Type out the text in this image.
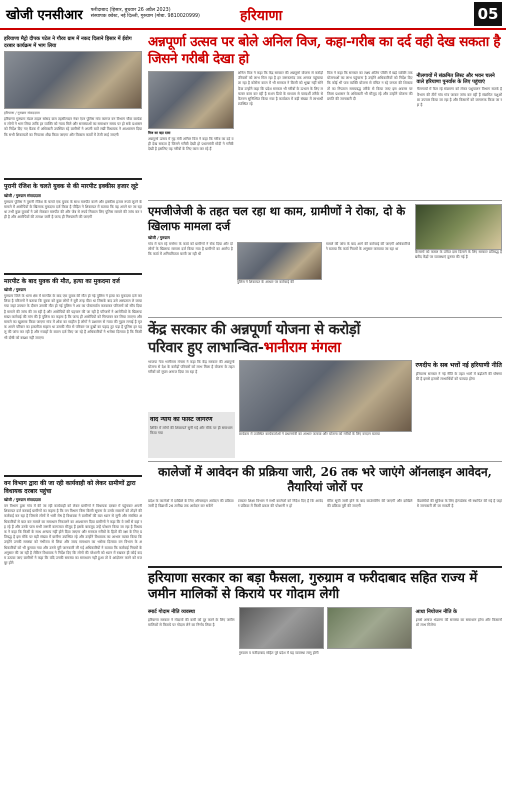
खोजी एनसीआर फरीदाबाद (हिसार, बुधवार 26 अप्रैल 2023)
संस्थापक क्वेस्ट, नई दिल्ली, गुरुग्राम (मोबा. 9810020999)	हरियाणा	05
हरियाणा मैट्रो दीपक पटेल ने गौरव ग्राम में नकद दिलाने हिसार में ईवोग दरबार कार्यक्रम में भाग लिया
हरियाणा / गुरुग्राम संवाददाता
हरियाणा गुरुग्राम मंडल टाइल सांसद ग्राम तहसीलदार नंबर एंटर पुलिस गांव कागज वन विभाग चौक कार्यक्रम लोगों ने भाग लिया ताकि हर व्यक्ति को न्याय मिले और समस्याओं का समाधान समय पर हो सके प्रशासन को निर्देश दिए गए बैठक में अधिकारी उपस्थित रहे ग्रामीणों ने अपनी बातें रखीं विधायक ने आश्वासन दिया कि सभी शिकायतों का निपटारा शीघ्र किया जाएगा और विकास कार्यों में तेजी लाई जाएगी
पुरानी रंजिश के चलते युवक से की मारपीट इक्कीस हजार लूटे
खोजी / गुरुग्राम संवाददाता
गुरुग्राम पुलिस ने पुरानी रंजिश के चलते एक युवक के साथ मारपीट करने और इक्कीस हजार रुपये लूटने के मामले में आरोपियों के खिलाफ मुकदमा दर्ज किया है पीड़ित ने शिकायत में बताया कि वह अपने घर जा रहा था तभी कुछ युवकों ने उसे रोककर मारपीट की और जेब से रुपये निकाल लिए पुलिस मामले की जांच कर रही है और आरोपियों की तलाश जारी है जल्द ही गिरफ्तारी की जाएगी
मारपीट के बाद युवक की मौत, हत्या का मुकदमा दर्ज
खोजी / गुरुग्राम
गुरुग्राम जिले के थाना क्षेत्र में मारपीट के बाद एक युवक की मौत हो गई पुलिस ने हत्या का मुकदमा दर्ज कर लिया है परिजनों ने बताया कि युवक को कुछ लोगों ने बुरी तरह पीटा था जिसके बाद उसे अस्पताल ले जाया गया जहां उपचार के दौरान उसकी मौत हो गई पुलिस ने शव का पोस्टमार्टम करवाकर परिजनों को सौंप दिया है मामले की जांच की जा रही है और आरोपियों की पहचान की जा रही है परिजनों ने आरोपियों के खिलाफ सख्त कार्रवाई की मांग की है पुलिस का कहना है कि जल्द ही आरोपियों को गिरफ्तार कर लिया जाएगा और मामले का खुलासा किया जाएगा गांव में शोक का माहौल है लोगों ने प्रशासन से न्याय की गुहार लगाई है मृतक अपने परिवार का इकलौता सहारा था उसकी मौत से परिवार पर दुखों का पहाड़ टूट पड़ा है पुलिस हर पहलू की जांच कर रही है और गवाहों के बयान दर्ज किए जा रहे हैं अधिकारियों ने भरोसा दिलाया है कि किसी भी दोषी को बख्शा नहीं जाएगा
वन विभाग द्वारा की जा रही कार्यवाही को लेकर ग्रामीणों द्वारा विधायक दरबार पहुंचा
खोजी / गुरुग्राम संवाददाता
वन विभाग द्वारा गांव में की जा रही कार्यवाही को लेकर ग्रामीणों ने विधायक दरबार में पहुंचकर अपनी शिकायत दर्ज करवाई ग्रामीणों का कहना है कि वन विभाग बिना किसी सूचना के उनके मकानों को तोड़ने की कार्रवाई कर रहा है जिससे लोगों में भारी रोष है विधायक ने ग्रामीणों की बात ध्यान से सुनी और संबंधित अधिकारियों से बात कर मामले का समाधान निकालने का आश्वासन दिया ग्रामीणों ने कहा कि वे वर्षों से यहां रह रहे हैं और उनके पास सभी जरूरी कागजात मौजूद हैं इसके बावजूद उन्हें परेशान किया जा रहा है विधायक ने कहा कि किसी के साथ अन्याय नहीं होने दिया जाएगा और सरकार गरीबों के हितों की रक्षा के लिए प्रतिबद्ध है इस मौके पर बड़ी संख्या में ग्रामीण उपस्थित रहे और उन्होंने विधायक का आभार व्यक्त किया कि उन्होंने उनकी समस्या को गंभीरता से लिया और जल्द समाधान का भरोसा दिलाया वन विभाग के अधिकारियों को भी बुलाया गया और उनसे पूरी जानकारी ली गई अधिकारियों ने बताया कि कार्रवाई नियमों के अनुसार की जा रही है लेकिन विधायक ने निर्देश दिए कि लोगों की परेशानी को ध्यान में रखकर ही कोई कदम उठाया जाए ग्रामीणों ने कहा कि यदि उनकी समस्या का समाधान नहीं हुआ तो वे आंदोलन करने को मजबूर होंगे
अन्नपूर्णा उत्सव पर बोले अनिल विज, कहा-गरीब का दर्द वही देख सकता है जिसने गरीबी देखा हो
विज का बड़ा दावा
अन्नपूर्णा उत्सव में गृह मंत्री अनिल विज ने कहा कि गरीब का दर्द वही देख सकता है जिसने गरीबी देखी हो प्रधानमंत्री मोदी ने गरीबी देखी है इसलिए वह गरीबों के लिए काम कर रहे हैं
अनिल विज ने कहा कि केंद्र सरकार की अन्नपूर्णा योजना से करोड़ों परिवारों को लाभ मिल रहा है हर जरूरतमंद तक अनाज पहुंचाया जा रहा है कोरोना काल में भी सरकार ने किसी को भूखा नहीं सोने दिया उन्होंने कहा कि प्रदेश सरकार भी गरीबों के उत्थान के लिए लगातार काम कर रही है राशन डिपो के माध्यम से पारदर्शी तरीके से वितरण सुनिश्चित किया गया है कार्यक्रम में बड़ी संख्या में लाभार्थी उपस्थित रहे
विज ने कहा कि सरकार का लक्ष्य अंतिम पंक्ति में खड़े व्यक्ति तक योजनाओं का लाभ पहुंचाना है उन्होंने अधिकारियों को निर्देश दिए कि कोई भी पात्र व्यक्ति योजना से वंचित न रहे जनता की शिकायतों का निपटारा समयबद्ध तरीके से किया जाए इस अवसर पर जिला प्रशासन के अधिकारी भी मौजूद रहे और उन्होंने योजना की प्रगति की जानकारी दी
नीलगायों में संक्रमित लिस्ट और भवन चलने वाले हरियाणा पुनर्वास के लिए पहुंचाएं
नीलगायों में फैल रहे संक्रमण को लेकर पशुपालन विभाग सतर्क है विभाग की टीमें गांव गांव जाकर जांच कर रही हैं संक्रमित पशुओं का उपचार किया जा रहा है और किसानों को जागरूक किया जा रहा है
एमजीजेजी के तहत चल रहा था काम, ग्रामीणों ने रोका, दो के खिलाफ मामला दर्ज
खोजी / गुरुग्राम
गांव में चल रहे मनरेगा के कार्य को ग्रामीणों ने रोक दिया और दो लोगों के खिलाफ मामला दर्ज किया गया है ग्रामीणों का आरोप है कि कार्य में अनियमितता बरती जा रही थी
पुलिस ने शिकायत के आधार पर कार्रवाई की
मामले की जांच के बाद आगे की कार्रवाई की जाएगी अधिकारियों ने बताया कि कार्य नियमों के अनुसार करवाया जा रहा था
किसानों को फसल के उचित दाम दिलाने के लिए सरकार प्रतिबद्ध है खरीद केंद्रों पर व्यवस्थाएं दुरुस्त की गई हैं
केंद्र सरकार की अन्नपूर्णा योजना से करोड़ों
परिवार हुए लाभान्वित-भानीराम मंगला
भाजपा नेता भानीराम मंगला ने कहा कि केंद्र सरकार की अन्नपूर्णा योजना से देश के करोड़ों परिवारों को लाभ मिला है योजना के तहत गरीबों को मुफ्त अनाज दिया जा रहा है
वाद न्याय का फास्ट जागरण
शिविर में लोगों की शिकायतें सुनी गईं और मौके पर ही समाधान किया गया	कार्यक्रम में उपस्थित कार्यकर्ताओं ने प्रधानमंत्री का आभार जताया और योजना को गरीबों के लिए वरदान बताया
रणदीप के सब भत्तों नई हरियाणी नीति
हरियाणा सरकार ने नई नीति के तहत भत्तों में बढ़ोतरी की घोषणा की है इससे हजारों लाभार्थियों को फायदा होगा
कालेजों में आवेदन की प्रक्रिया जारी, 26 तक भरे जाएंगे ऑनलाइन आवेदन, तैयारियां जोरों पर
प्रदेश के कालेजों में दाखिले के लिए ऑनलाइन आवेदन की प्रक्रिया जारी है विद्यार्थी 26 तारीख तक आवेदन कर सकेंगे
उच्चतर शिक्षा विभाग ने सभी कालेजों को निर्देश दिए हैं कि आवेदन प्रक्रिया में किसी प्रकार की परेशानी न हो
मेरिट सूची जारी होने के बाद काउंसलिंग की जाएगी और दाखिले की प्रक्रिया पूरी की जाएगी
विद्यार्थियों की सुविधा के लिए हेल्पडेस्क भी स्थापित की गई है जहां से जानकारी ली जा सकती है
हरियाणा सरकार का बड़ा फैसला, गुरुग्राम व फरीदाबाद सहित राज्य में जमीन मालिकों से किराये पर गोदाम लेगी
स्मार्ट गोदाम नीति व्यवस्था
हरियाणा सरकार ने गोदामों की कमी को दूर करने के लिए जमीन मालिकों से किराये पर गोदाम लेने का निर्णय लिया है
गुरुग्राम व फरीदाबाद सहित पूरे प्रदेश में यह व्यवस्था लागू होगी
आधा नियोजन नीति के
इससे अनाज भंडारण की समस्या का समाधान होगा और किसानों को लाभ मिलेगा
